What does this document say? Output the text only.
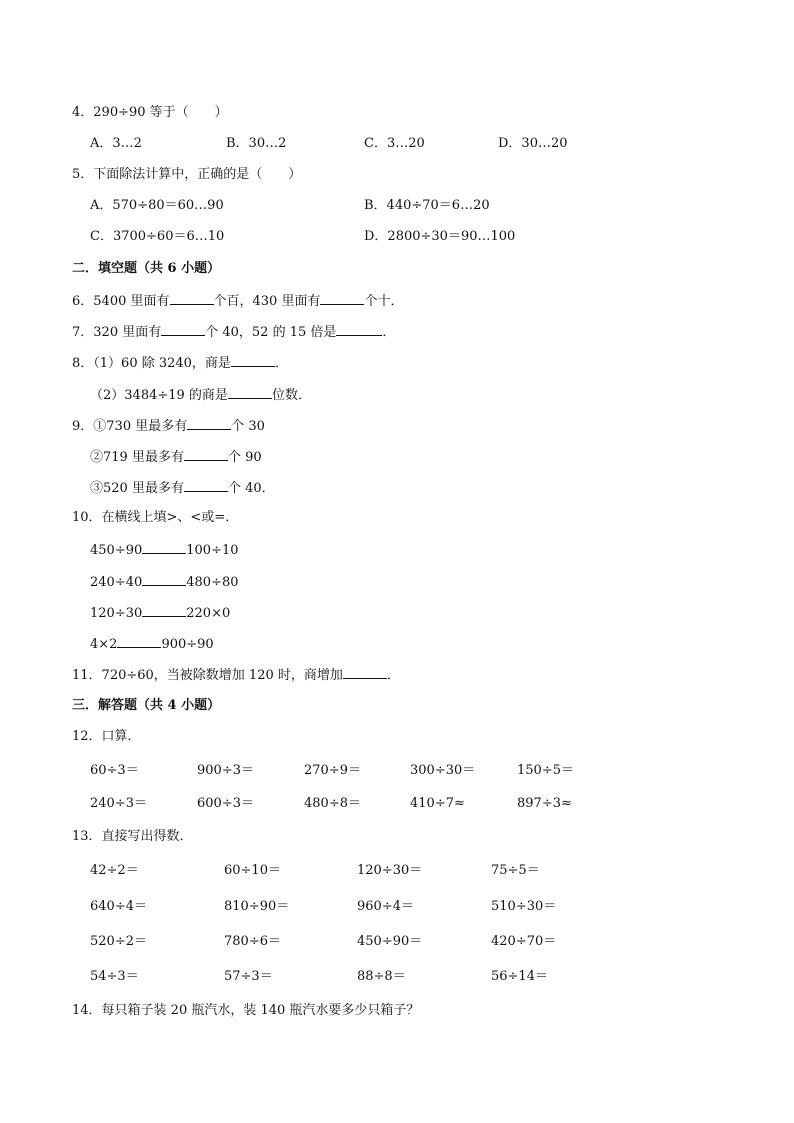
4．290÷90 等于（　　）
A．3…2	B．30…2	C．3…20	D．30…20
5．下面除法计算中，正确的是（　　）
A．570÷80＝60…90	B．440÷70＝6…20
C．3700÷60＝6…10	D．2800÷30＝90…100
二．填空题（共 6 小题）
6．5400 里面有	个百，430 里面有	个十．
7．320 里面有	个 40，52 的 15 倍是	．
8．（1）60 除 3240，商是	．
（2）3484÷19 的商是	位数．
9．①730 里最多有	个 30
②719 里最多有	个 90
③520 里最多有	个 40．
10．在横线上填>、<或=．
450÷90	100÷10
240÷40	480÷80
120÷30	220×0
4×2	900÷90
11．720÷60，当被除数增加 120 时，商增加	．
三．解答题（共 4 小题）
12．口算．
60÷3＝	900÷3＝	270÷9＝	300÷30＝	150÷5＝
240÷3＝	600÷3＝	480÷8＝	410÷7≈	897÷3≈
13．直接写出得数．
42÷2＝	60÷10＝	120÷30＝	75÷5＝
640÷4＝	810÷90＝	960÷4＝	510÷30＝
520÷2＝	780÷6＝	450÷90＝	420÷70＝
54÷3＝	57÷3＝	88÷8＝	56÷14＝
14．每只箱子装 20 瓶汽水，装 140 瓶汽水要多少只箱子？
